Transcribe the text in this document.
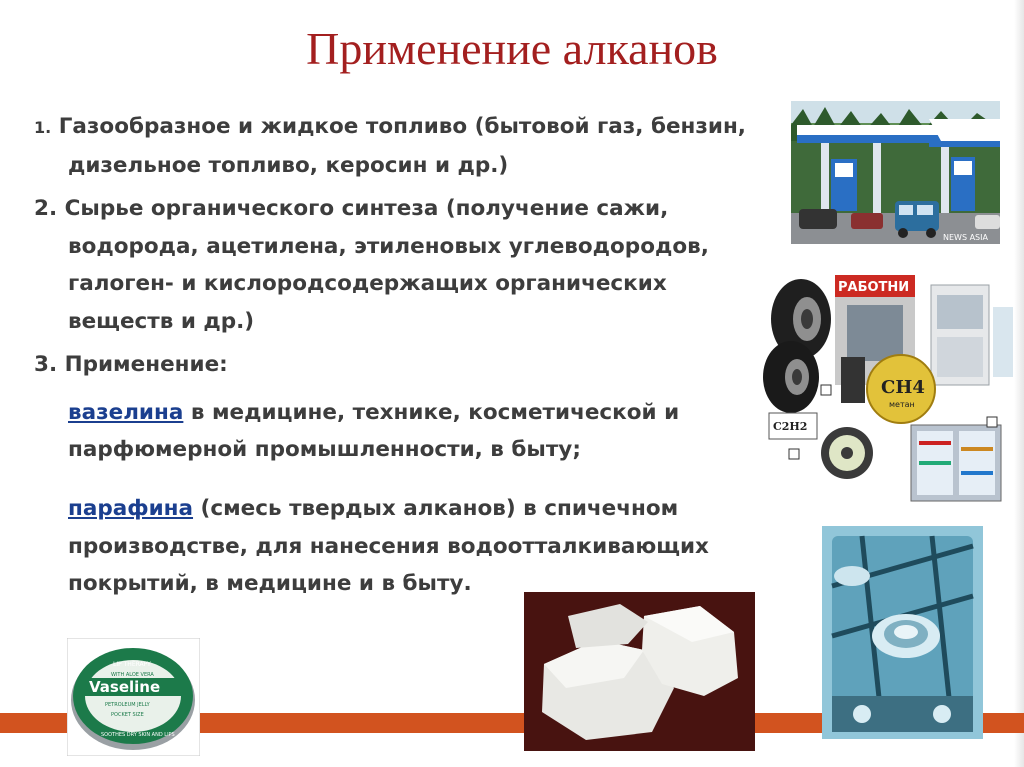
Применение алканов

1. Газообразное и жидкое топливо (бытовой газ, бензин, дизельное топливо, керосин и др.)

2. Сырье органического синтеза (получение сажи, водорода, ацетилена, этиленовых углеводородов, галоген- и кислородсодержащих органических веществ и др.)

3. Применение:

вазелина в медицине, технике, косметической и парфюмерной промышленности, в быту;

парафина (смесь твердых алканов) в спичечном производстве, для нанесения водоотталкивающих покрытий, в медицине и в быту.

NEWS ASIA
РАБОТНИ
CH4
метан
C2H2
LIP THERAPY
WITH ALOE VERA
Vaseline
PETROLEUM JELLY
POCKET SIZE
SOOTHES DRY SKIN AND LIPS
